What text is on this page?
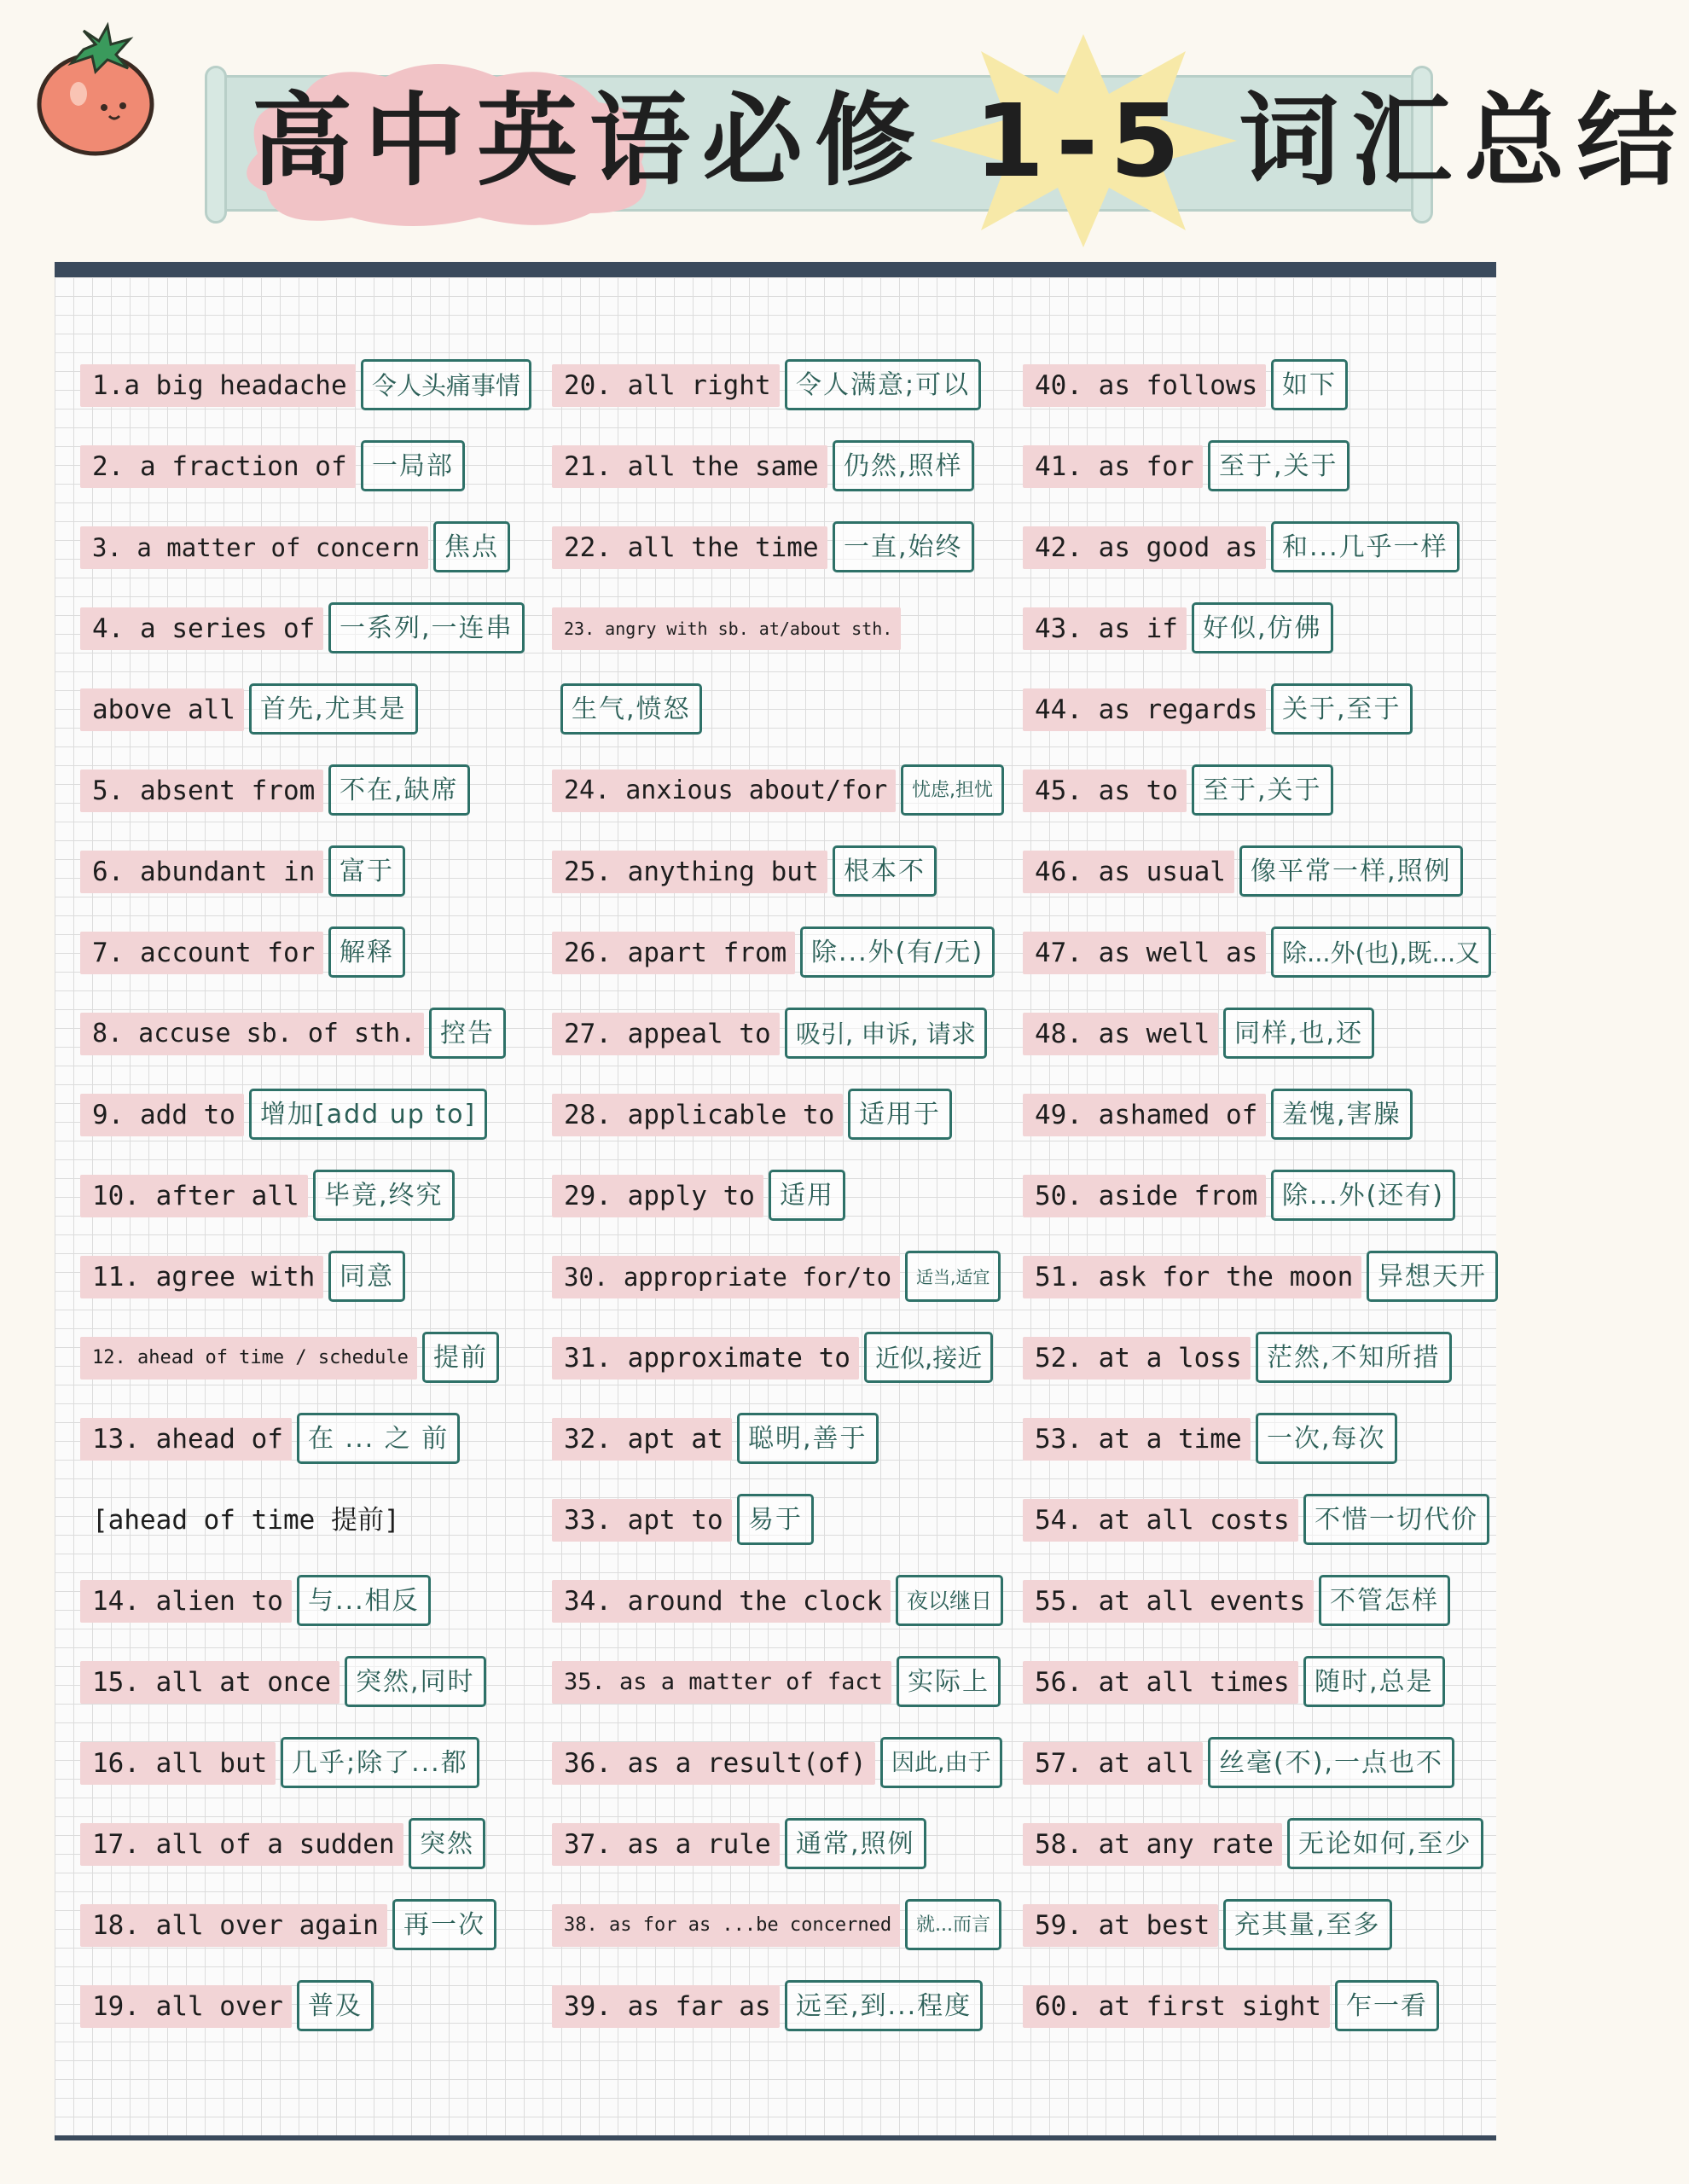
高中英语必修 1-5 词汇总结
1.a big headache	令人头痛事情
2. a fraction of 一局部
3. a matter of concern 焦点
4. a series of 一系列,一连串
above all 首先,尤其是
5. absent from 不在,缺席
6. abundant in 富于
7. account for 解释
8. accuse sb. of sth. 控告
9. add to 增加[add up to]
10. after all 毕竟,终究
11. agree with 同意
12. ahead of time / schedule 提前
13. ahead of 在 ... 之 前
[ahead of time 提前]
14. alien to 与...相反
15. all at once 突然,同时
16. all but 几乎;除了...都
17. all of a sudden 突然
18. all over again 再一次
19. all over 普及
20. all right 令人满意;可以
21. all the same 仍然,照样
22. all the time 一直,始终
23. angry with sb. at/about sth.
生气,愤怒
24. anxious about/for	忧虑,担忧
25. anything but 根本不
26. apart from 除...外(有/无)
27. appeal to	吸引, 申诉, 请求
28. applicable to 适用于
29. apply to 适用
30. appropriate for/to	适当,适宜
31. approximate to	近似,接近
32. apt at 聪明,善于
33. apt to 易于
34. around the clock	夜以继日
35. as a matter of fact 实际上
36. as a result(of)	因此,由于
37. as a rule 通常,照例
38. as for as ...be concerned	就...而言
39. as far as 远至,到...程度
40. as follows 如下
41. as for 至于,关于
42. as good as 和...几乎一样
43. as if 好似,仿佛
44. as regards 关于,至于
45. as to 至于,关于
46. as usual 像平常一样,照例
47. as well as 除...外(也),既...又
48. as well 同样,也,还
49. ashamed of 羞愧,害臊
50. aside from 除...外(还有)
51. ask for the moon 异想天开
52. at a loss 茫然,不知所措
53. at a time 一次,每次
54. at all costs 不惜一切代价
55. at all events 不管怎样
56. at all times 随时,总是
57. at all 丝毫(不),一点也不
58. at any rate 无论如何,至少
59. at best 充其量,至多
60. at first sight 乍一看
